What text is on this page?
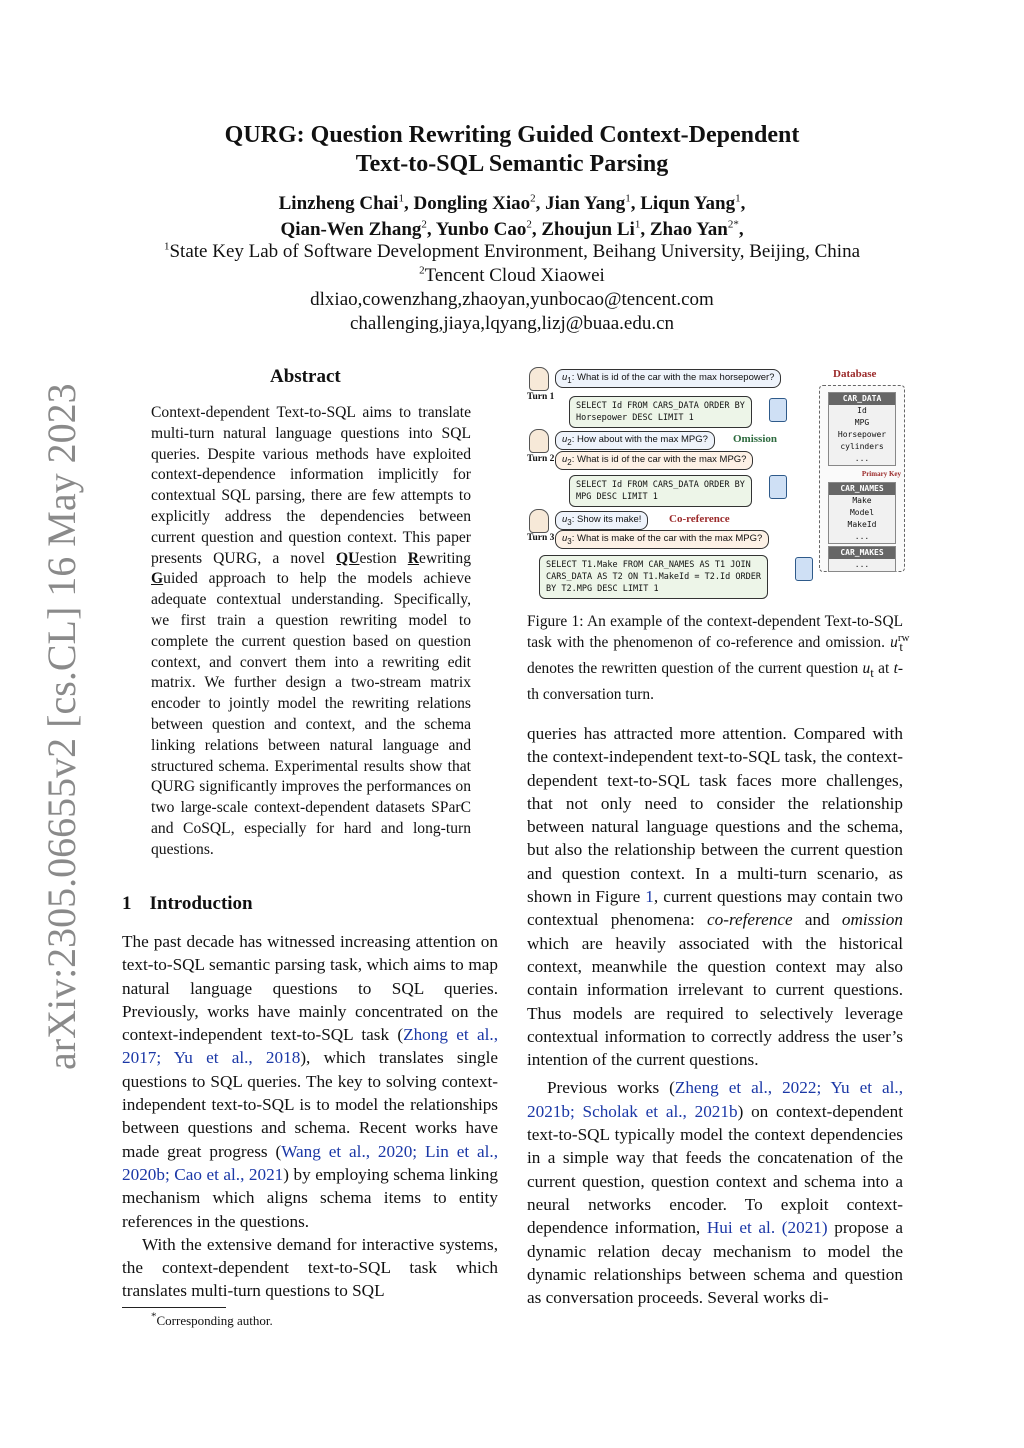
arXiv:2305.06655v2 [cs.CL] 16 May 2023
QURG: Question Rewriting Guided Context-Dependent
Text-to-SQL Semantic Parsing
Linzheng Chai$^1$, Dongling Xiao$^2$, Jian Yang$^1$, Liqun Yang$^1$,
Qian-Wen Zhang$^2$, Yunbo Cao$^2$, Zhoujun Li$^1$, Zhao Yan$^{2*}$,
$^1$State Key Lab of Software Development Environment, Beihang University, Beijing, China
$^2$Tencent Cloud Xiaowei
dlxiao,cowenzhang,zhaoyan,yunbocao@tencent.com
challenging,jiaya,lqyang,lizj@buaa.edu.cn
Abstract
Context-dependent Text-to-SQL aims to translate multi-turn natural language questions into SQL queries. Despite various methods have exploited context-dependence information implicitly for contextual SQL parsing, there are few attempts to explicitly address the dependencies between current question and question context. This paper presents QURG, a novel QUestion Rewriting Guided approach to help the models achieve adequate contextual understanding. Specifically, we first train a question rewriting model to complete the current question based on question context, and convert them into a rewriting edit matrix. We further design a two-stream matrix encoder to jointly model the rewriting relations between question and context, and the schema linking relations between natural language and structured schema. Experimental results show that QURG significantly improves the performances on two large-scale context-dependent datasets SParC and CoSQL, especially for hard and long-turn questions.
1 Introduction
The past decade has witnessed increasing attention on text-to-SQL semantic parsing task, which aims to map natural language questions to SQL queries. Previously, works have mainly concentrated on the context-independent text-to-SQL task (Zhong et al., 2017; Yu et al., 2018), which translates single questions to SQL queries. The key to solving context-independent text-to-SQL is to model the relationships between questions and schema. Recent works have made great progress (Wang et al., 2020; Lin et al., 2020b; Cao et al., 2021) by employing schema linking mechanism which aligns schema items to entity references in the questions.
With the extensive demand for interactive systems, the context-dependent text-to-SQL task which translates multi-turn questions to SQL
*Corresponding author.
Turn 1
$u_1$: What is id of the car with the max horsepower?
SELECT Id FROM CARS_DATA ORDER BY
Horsepower DESC LIMIT 1
Turn 2
$u_2$: How about with the max MPG?	Omission
$u_2$: What is id of the car with the max MPG?
SELECT Id FROM CARS_DATA ORDER BY
MPG DESC LIMIT 1
Turn 3
$u_3$: Show its make!	Co-reference
$u_3$: What is make of the car with the max MPG?
SELECT T1.Make FROM CAR_NAMES AS T1 JOIN
CARS_DATA AS T2 ON T1.MakeId = T2.Id ORDER
BY T2.MPG DESC LIMIT 1
Database
CAR_DATA
Id
MPG
Horsepower
cylinders
...
Primary Key
CAR_NAMES
Make
Model
MakeId
...
CAR_MAKES
...
Figure 1: An example of the context-dependent Text-to-SQL task with the phenomenon of co-reference and omission. $u^{rw}_t$ denotes the rewritten question of the current question $u_t$ at t-th conversation turn.
queries has attracted more attention. Compared with the context-independent text-to-SQL task, the context-dependent text-to-SQL task faces more challenges, that not only need to consider the relationship between natural language questions and the schema, but also the relationship between the current question and question context. In a multi-turn scenario, as shown in Figure 1, current questions may contain two contextual phenomena: co-reference and omission which are heavily associated with the historical context, meanwhile the question context may also contain information irrelevant to current questions. Thus models are required to selectively leverage contextual information to correctly address the user’s intention of the current questions.
Previous works (Zheng et al., 2022; Yu et al., 2021b; Scholak et al., 2021b) on context-dependent text-to-SQL typically model the context dependencies in a simple way that feeds the concatenation of the current question, question context and schema into a neural networks encoder. To exploit context-dependence information, Hui et al. (2021) propose a dynamic relation decay mechanism to model the dynamic relationships between schema and question as conversation proceeds. Several works di-
